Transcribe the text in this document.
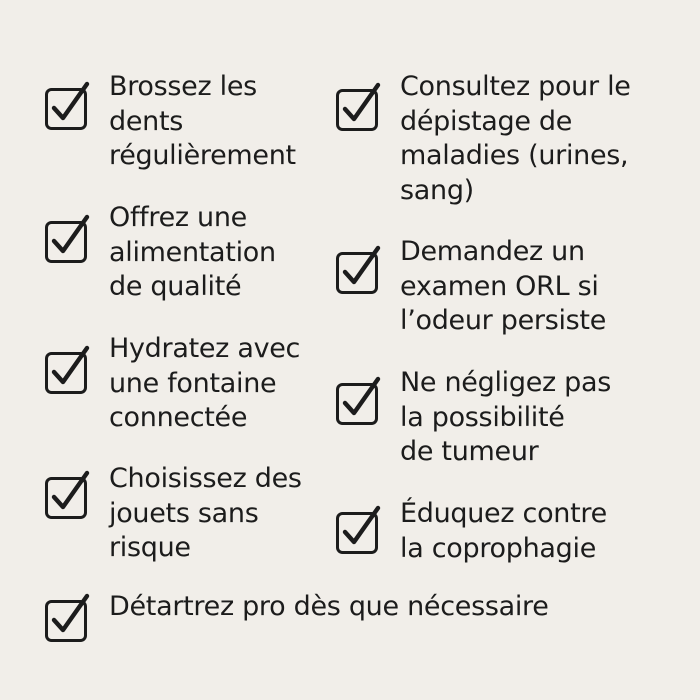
Brossez les
dents
régulièrement
Offrez une
alimentation
de qualité
Hydratez avec
une fontaine
connectée
Choisissez des
jouets sans
risque
Détartrez pro dès que nécessaire
Consultez pour le
dépistage de
maladies (urines,
sang)
Demandez un
examen ORL si
l’odeur persiste
Ne négligez pas
la possibilité
de tumeur
Éduquez contre
la coprophagie
